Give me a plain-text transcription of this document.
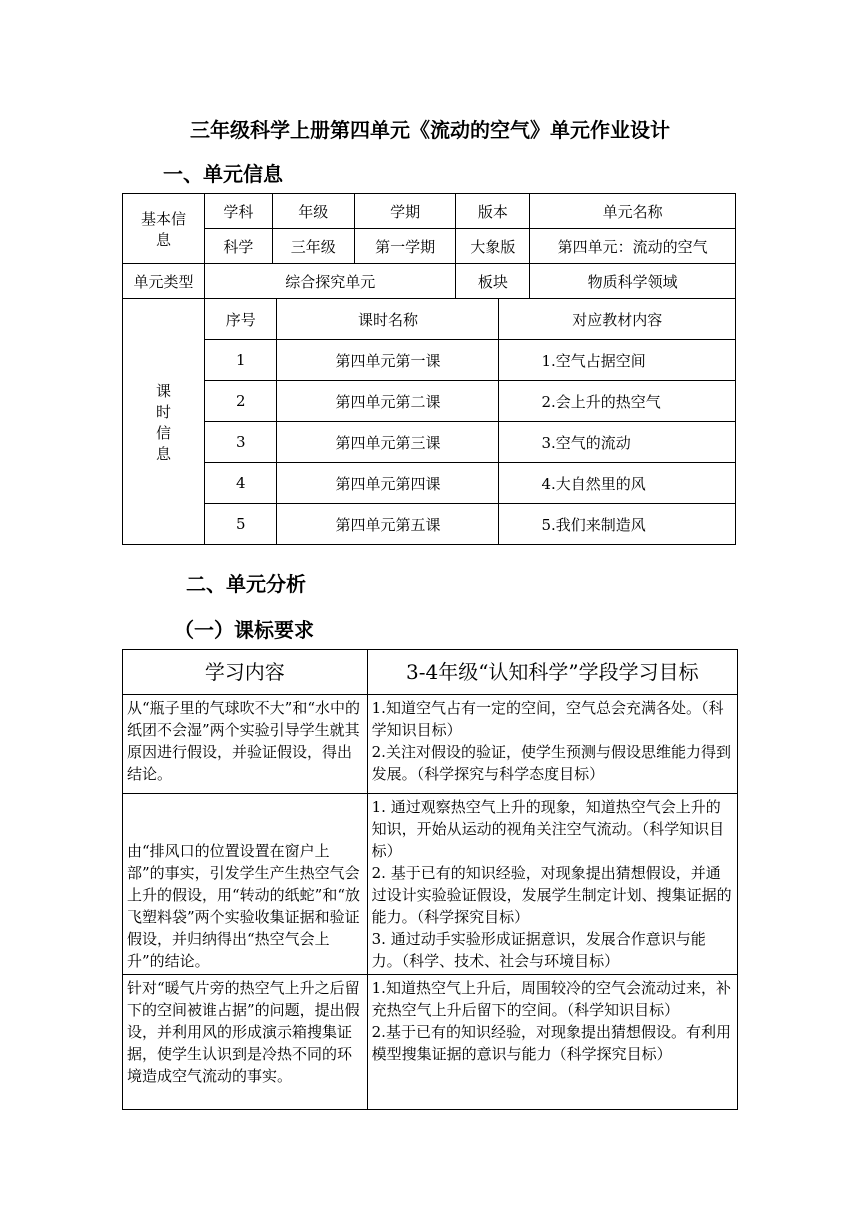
三年级科学上册第四单元《流动的空气》单元作业设计
一、单元信息
基本信息	学科	年级	学期	版本	单元名称
科学	三年级	第一学期	大象版	第四单元：流动的空气
单元类型	综合探究单元	板块	物质科学领域
课时信息	
序号	课时名称	对应教材内容
1	第四单元第一课	1.空气占据空间
2	第四单元第二课	2.会上升的热空气
3	第四单元第三课	3.空气的流动
4	第四单元第四课	4.大自然里的风
5	第四单元第五课	5.我们来制造风
二、单元分析
（一）课标要求
学习内容	3-4年级“认知科学”学段学习目标
从“瓶子里的气球吹不大”和“水中的纸团不会湿”两个实验引导学生就其原因进行假设，并验证假设，得出结论。	1.知道空气占有一定的空间，空气总会充满各处。（科学知识目标）
2.关注对假设的验证，使学生预测与假设思维能力得到发展。（科学探究与科学态度目标）
由“排风口的位置设置在窗户上部”的事实，引发学生产生热空气会上升的假设，用“转动的纸蛇”和“放飞塑料袋”两个实验收集证据和验证假设，并归纳得出“热空气会上升”的结论。	1. 通过观察热空气上升的现象，知道热空气会上升的知识，开始从运动的视角关注空气流动。（科学知识目标）
2. 基于已有的知识经验，对现象提出猜想假设，并通过设计实验验证假设，发展学生制定计划、搜集证据的能力。（科学探究目标）
3. 通过动手实验形成证据意识，发展合作意识与能力。（科学、技术、社会与环境目标）
针对“暖气片旁的热空气上升之后留下的空间被谁占据”的问题，提出假设，并利用风的形成演示箱搜集证据，使学生认识到是冷热不同的环境造成空气流动的事实。	1.知道热空气上升后，周围较冷的空气会流动过来，补充热空气上升后留下的空间。（科学知识目标）
2.基于已有的知识经验，对现象提出猜想假设。有利用模型搜集证据的意识与能力（科学探究目标）
